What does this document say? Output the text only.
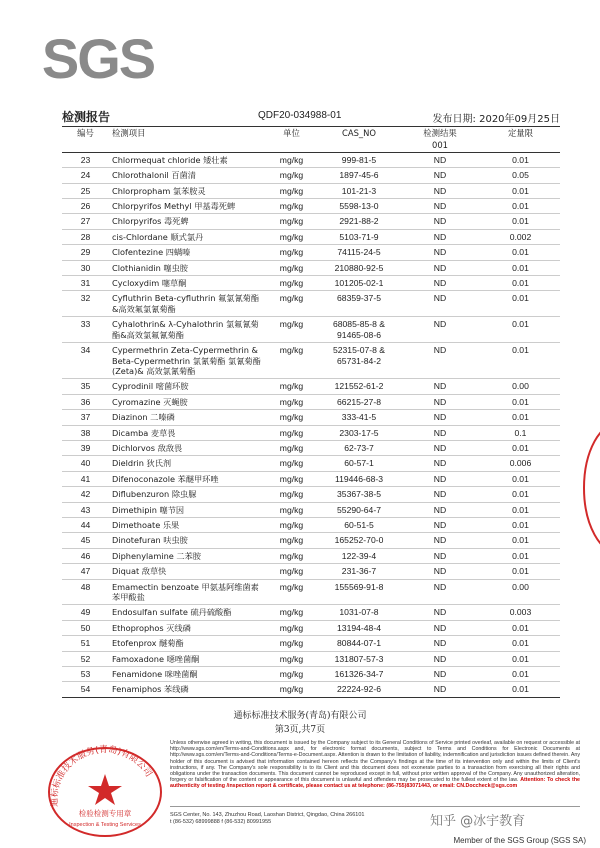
SGS
检测报告	QDF20-034988-01	发布日期: 2020年09月25日
编号	检测项目	单位	CAS_NO	检测结果	定量限
				001	
23	Chlormequat chloride 矮壮素	mg/kg	999-81-5	ND	0.01
24	Chlorothalonil 百菌清	mg/kg	1897-45-6	ND	0.05
25	Chlorpropham 氯苯胺灵	mg/kg	101-21-3	ND	0.01
26	Chlorpyrifos Methyl 甲基毒死蜱	mg/kg	5598-13-0	ND	0.01
27	Chlorpyrifos 毒死蜱	mg/kg	2921-88-2	ND	0.01
28	cis-Chlordane 顺式氯丹	mg/kg	5103-71-9	ND	0.002
29	Clofentezine 四螨嗪	mg/kg	74115-24-5	ND	0.01
30	Clothianidin 噻虫胺	mg/kg	210880-92-5	ND	0.01
31	Cycloxydim 噻草酮	mg/kg	101205-02-1	ND	0.01
32	Cyfluthrin Beta-cyfluthrin 氟氯氰菊酯&高效氟氯氰菊酯	mg/kg	68359-37-5	ND	0.01
33	Cyhalothrin& λ-Cyhalothrin 氯氟氰菊酯&高效氯氟氰菊酯	mg/kg	68085-85-8 & 91465-08-6	ND	0.01
34	Cypermethrin Zeta-Cypermethrin & Beta-Cypermethrin 氯氰菊酯 氯氰菊酯 (Zeta)& 高效氯氰菊酯	mg/kg	52315-07-8 & 65731-84-2	ND	0.01
35	Cyprodinil 嘧菌环胺	mg/kg	121552-61-2	ND	0.00
36	Cyromazine 灭蝇胺	mg/kg	66215-27-8	ND	0.01
37	Diazinon 二嗪磷	mg/kg	333-41-5	ND	0.01
38	Dicamba 麦草畏	mg/kg	2303-17-5	ND	0.1
39	Dichlorvos 敌敌畏	mg/kg	62-73-7	ND	0.01
40	Dieldrin 狄氏剂	mg/kg	60-57-1	ND	0.006
41	Difenoconazole 苯醚甲环唑	mg/kg	119446-68-3	ND	0.01
42	Diflubenzuron 除虫脲	mg/kg	35367-38-5	ND	0.01
43	Dimethipin 噻节因	mg/kg	55290-64-7	ND	0.01
44	Dimethoate 乐果	mg/kg	60-51-5	ND	0.01
45	Dinotefuran 呋虫胺	mg/kg	165252-70-0	ND	0.01
46	Diphenylamine 二苯胺	mg/kg	122-39-4	ND	0.01
47	Diquat 敌草快	mg/kg	231-36-7	ND	0.01
48	Emamectin benzoate 甲氨基阿维菌素苯甲酸盐	mg/kg	155569-91-8	ND	0.00
49	Endosulfan sulfate 硫丹硫酸酯	mg/kg	1031-07-8	ND	0.003
50	Ethoprophos 灭线磷	mg/kg	13194-48-4	ND	0.01
51	Etofenprox 醚菊酯	mg/kg	80844-07-1	ND	0.01
52	Famoxadone 噁唑菌酮	mg/kg	131807-57-3	ND	0.01
53	Fenamidone 咪唑菌酮	mg/kg	161326-34-7	ND	0.01
54	Fenamiphos 苯线磷	mg/kg	22224-92-6	ND	0.01
通标标准技术服务(青岛)有限公司
第3页,共7页
通标标准技术服务(青岛)有限公司
检验检测专用章
Inspection & Testing Services
Unless otherwise agreed in writing, this document is issued by the Company subject to its General Conditions of Service printed overleaf, available on request or accessible at http://www.sgs.com/en/Terms-and-Conditions.aspx and, for electronic format documents, subject to Terms and Conditions for Electronic Documents at http://www.sgs.com/en/Terms-and-Conditions/Terms-e-Document.aspx. Attention is drawn to the limitation of liability, indemnification and jurisdiction issues defined therein. Any holder of this document is advised that information contained hereon reflects the Company's findings at the time of its intervention only and within the limits of Client's instructions, if any. The Company's sole responsibility is to its Client and this document does not exonerate parties to a transaction from exercising all their rights and obligations under the transaction documents. This document cannot be reproduced except in full, without prior written approval of the Company. Any unauthorized alteration, forgery or falsification of the content or appearance of this document is unlawful and offenders may be prosecuted to the fullest extent of the law. Attention: To check the authenticity of testing /inspection report & certificate, please contact us at telephone: (86-755)83071443, or email: CN.Doccheck@sgs.com
SGS Center, No. 143, Zhuzhou Road, Laoshan District, Qingdao, China 266101
t (86-532) 68999888 f (86-532) 80991955	知乎 @冰宇教育
Member of the SGS Group (SGS SA)
